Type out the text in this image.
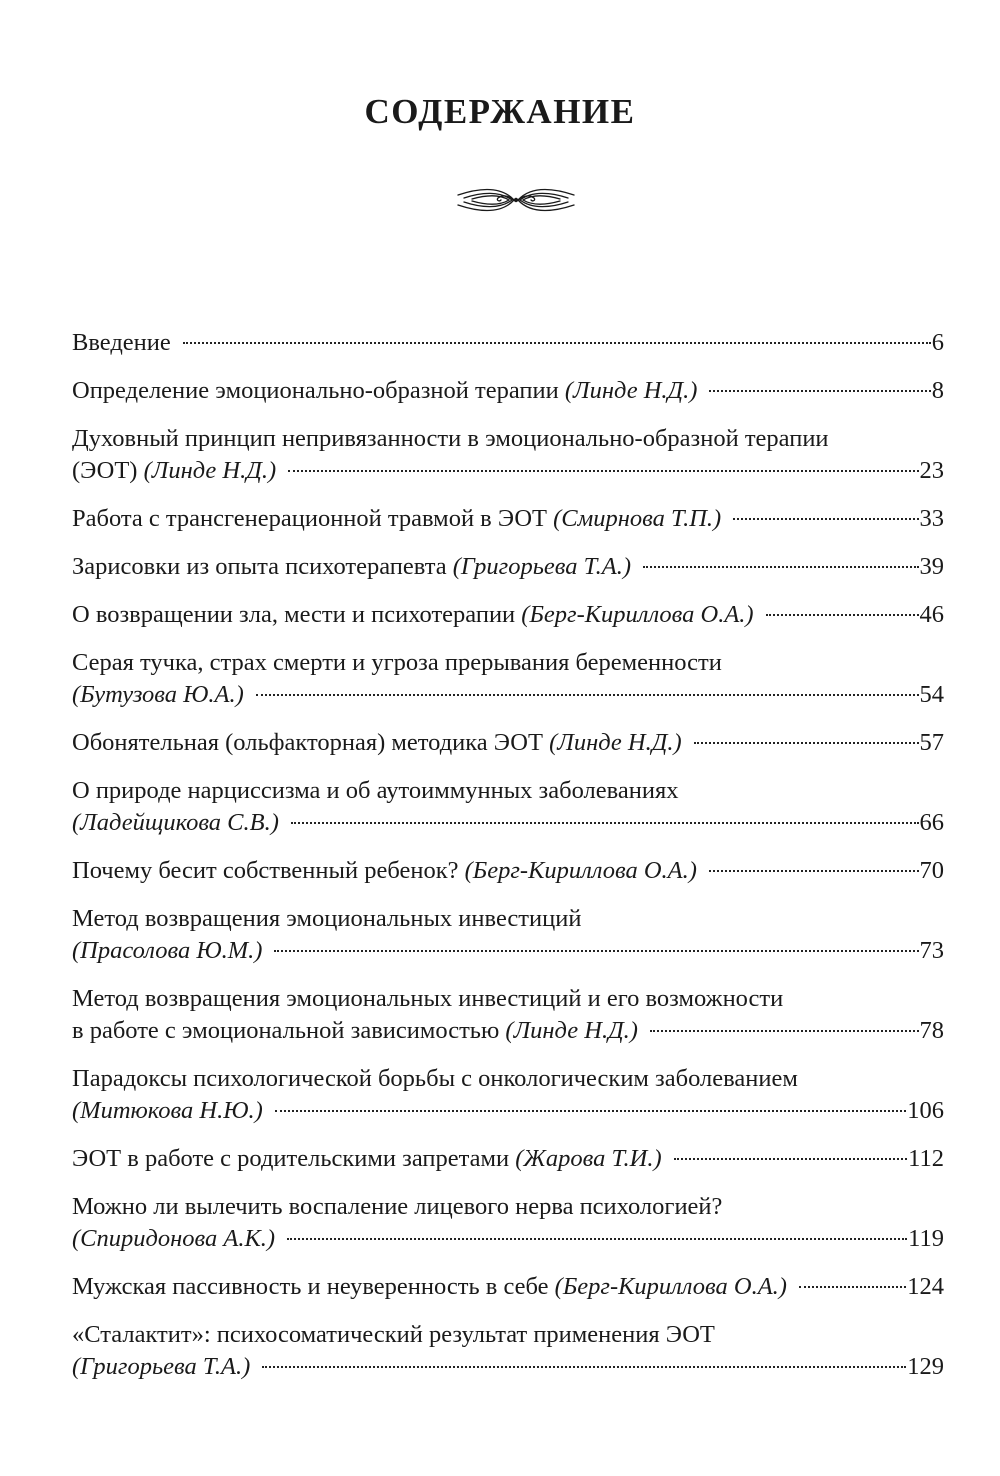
СОДЕРЖАНИЕ
Введение	6
Определение эмоционально-образной терапии (Линде Н.Д.)	8
Духовный принцип непривязанности в эмоционально-образной терапии
(ЭОТ) (Линде Н.Д.)	23
Работа с трансгенерационной травмой в ЭОТ (Смирнова Т.П.)	33
Зарисовки из опыта психотерапевта (Григорьева Т.А.)	39
О возвращении зла, мести и психотерапии (Берг-Кириллова О.А.)	46
Серая тучка, страх смерти и угроза прерывания беременности
(Бутузова Ю.А.)	54
Обонятельная (ольфакторная) методика ЭОТ (Линде Н.Д.)	57
О природе нарциссизма и об аутоиммунных заболеваниях
(Ладейщикова С.В.)	66
Почему бесит собственный ребенок? (Берг-Кириллова О.А.)	70
Метод возвращения эмоциональных инвестиций
(Прасолова Ю.М.)	73
Метод возвращения эмоциональных инвестиций и его возможности
в работе с эмоциональной зависимостью (Линде Н.Д.)	78
Парадоксы психологической борьбы с онкологическим заболеванием
(Митюкова Н.Ю.)	106
ЭОТ в работе с родительскими запретами (Жарова Т.И.)	112
Можно ли вылечить воспаление лицевого нерва психологией?
(Спиридонова А.К.)	119
Мужская пассивность и неуверенность в себе (Берг-Кириллова О.А.)	124
«Сталактит»: психосоматический результат применения ЭОТ
(Григорьева Т.А.)	129
